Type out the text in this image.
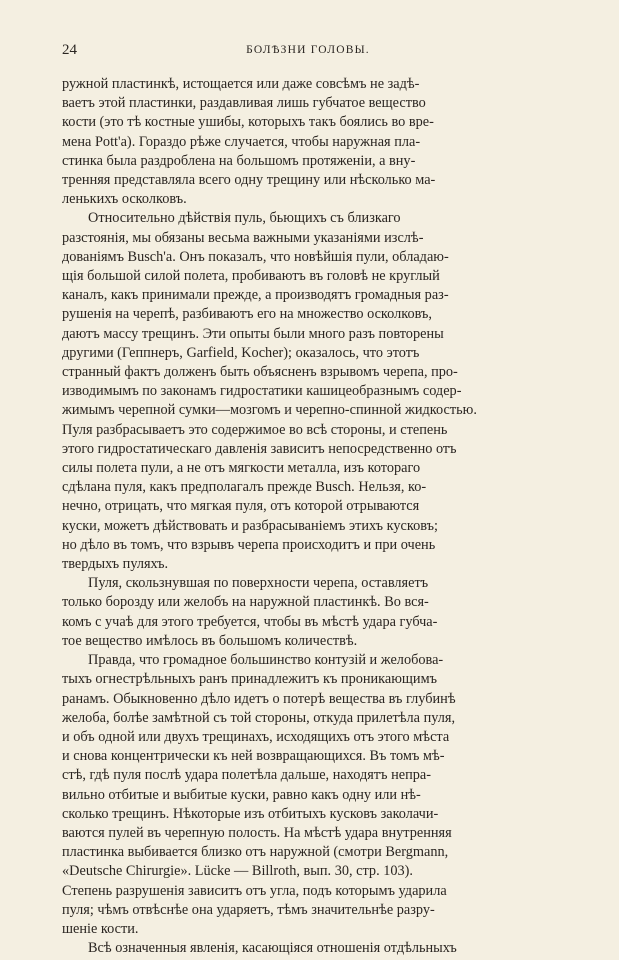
24	БОЛѢЗНИ ГОЛОВЫ.
ружной пластинкѣ, истощается или даже совсѣмъ не задѣ-
ваетъ этой пластинки, раздавливая лишь губчатое вещество
кости (это тѣ костные ушибы, которыхъ такъ боялись во вре-
мена Pott'a). Гораздо рѣже случается, чтобы наружная пла-
стинка была раздроблена на большомъ протяженіи, а вну-
тренняя представляла всего одну трещину или нѣсколько ма-
ленькихъ осколковъ.
Относительно дѣйствія пуль, бьющихъ съ близкаго
разстоянія, мы обязаны весьма важными указаніями изслѣ-
дованіямъ Busch'a. Онъ показалъ, что новѣйшія пули, обладаю-
щія большой силой полета, пробиваютъ въ головѣ не круглый
каналъ, какъ принимали прежде, а производятъ громадныя раз-
рушенія на черепѣ, разбиваютъ его на множество осколковъ,
даютъ массу трещинъ. Эти опыты были много разъ повторены
другими (Геппнеръ, Garfield, Kocher); оказалось, что этотъ
странный фактъ долженъ быть объясненъ взрывомъ черепа, про-
изводимымъ по законамъ гидростатики кашицеобразнымъ содер-
жимымъ черепной сумки—мозгомъ и черепно-спинной жидкостью.
Пуля разбрасываетъ это содержимое во всѣ стороны, и степень
этого гидростатическаго давленія зависитъ непосредственно отъ
силы полета пули, а не отъ мягкости металла, изъ котораго
сдѣлана пуля, какъ предполагалъ прежде Busch. Нельзя, ко-
нечно, отрицать, что мягкая пуля, отъ которой отрываются
куски, можетъ дѣйствовать и разбрасываніемъ этихъ кусковъ;
но дѣло въ томъ, что взрывъ черепа происходитъ и при очень
твердыхъ пуляхъ.
Пуля, скользнувшая по поверхности черепа, оставляетъ
только борозду или желобъ на наружной пластинкѣ. Во вся-
комъ с учаѣ для этого требуется, чтобы въ мѣстѣ удара губча-
тое вещество имѣлось въ большомъ количествѣ.
Правда, что громадное большинство контузій и желобова-
тыхъ огнестрѣльныхъ ранъ принадлежитъ къ проникающимъ
ранамъ. Обыкновенно дѣло идетъ о потерѣ вещества въ глубинѣ
желоба, болѣе замѣтной съ той стороны, откуда прилетѣла пуля,
и объ одной или двухъ трещинахъ, исходящихъ отъ этого мѣста
и снова концентрически къ ней возвращающихся. Въ томъ мѣ-
стѣ, гдѣ пуля послѣ удара полетѣла дальше, находятъ непра-
вильно отбитые и выбитые куски, равно какъ одну или нѣ-
сколько трещинъ. Нѣкоторые изъ отбитыхъ кусковъ заколачи-
ваются пулей въ черепную полость. На мѣстѣ удара внутренняя
пластинка выбивается близко отъ наружной (смотри Bergmann,
«Deutsche Chirurgie». Lücke — Billroth, вып. 30, стр. 103).
Степень разрушенія зависитъ отъ угла, подъ которымъ ударила
пуля; чѣмъ отвѣснѣе она ударяетъ, тѣмъ значительнѣе разру-
шеніе кости.
Всѣ означенныя явленія, касающіяся отношенія отдѣльныхъ
